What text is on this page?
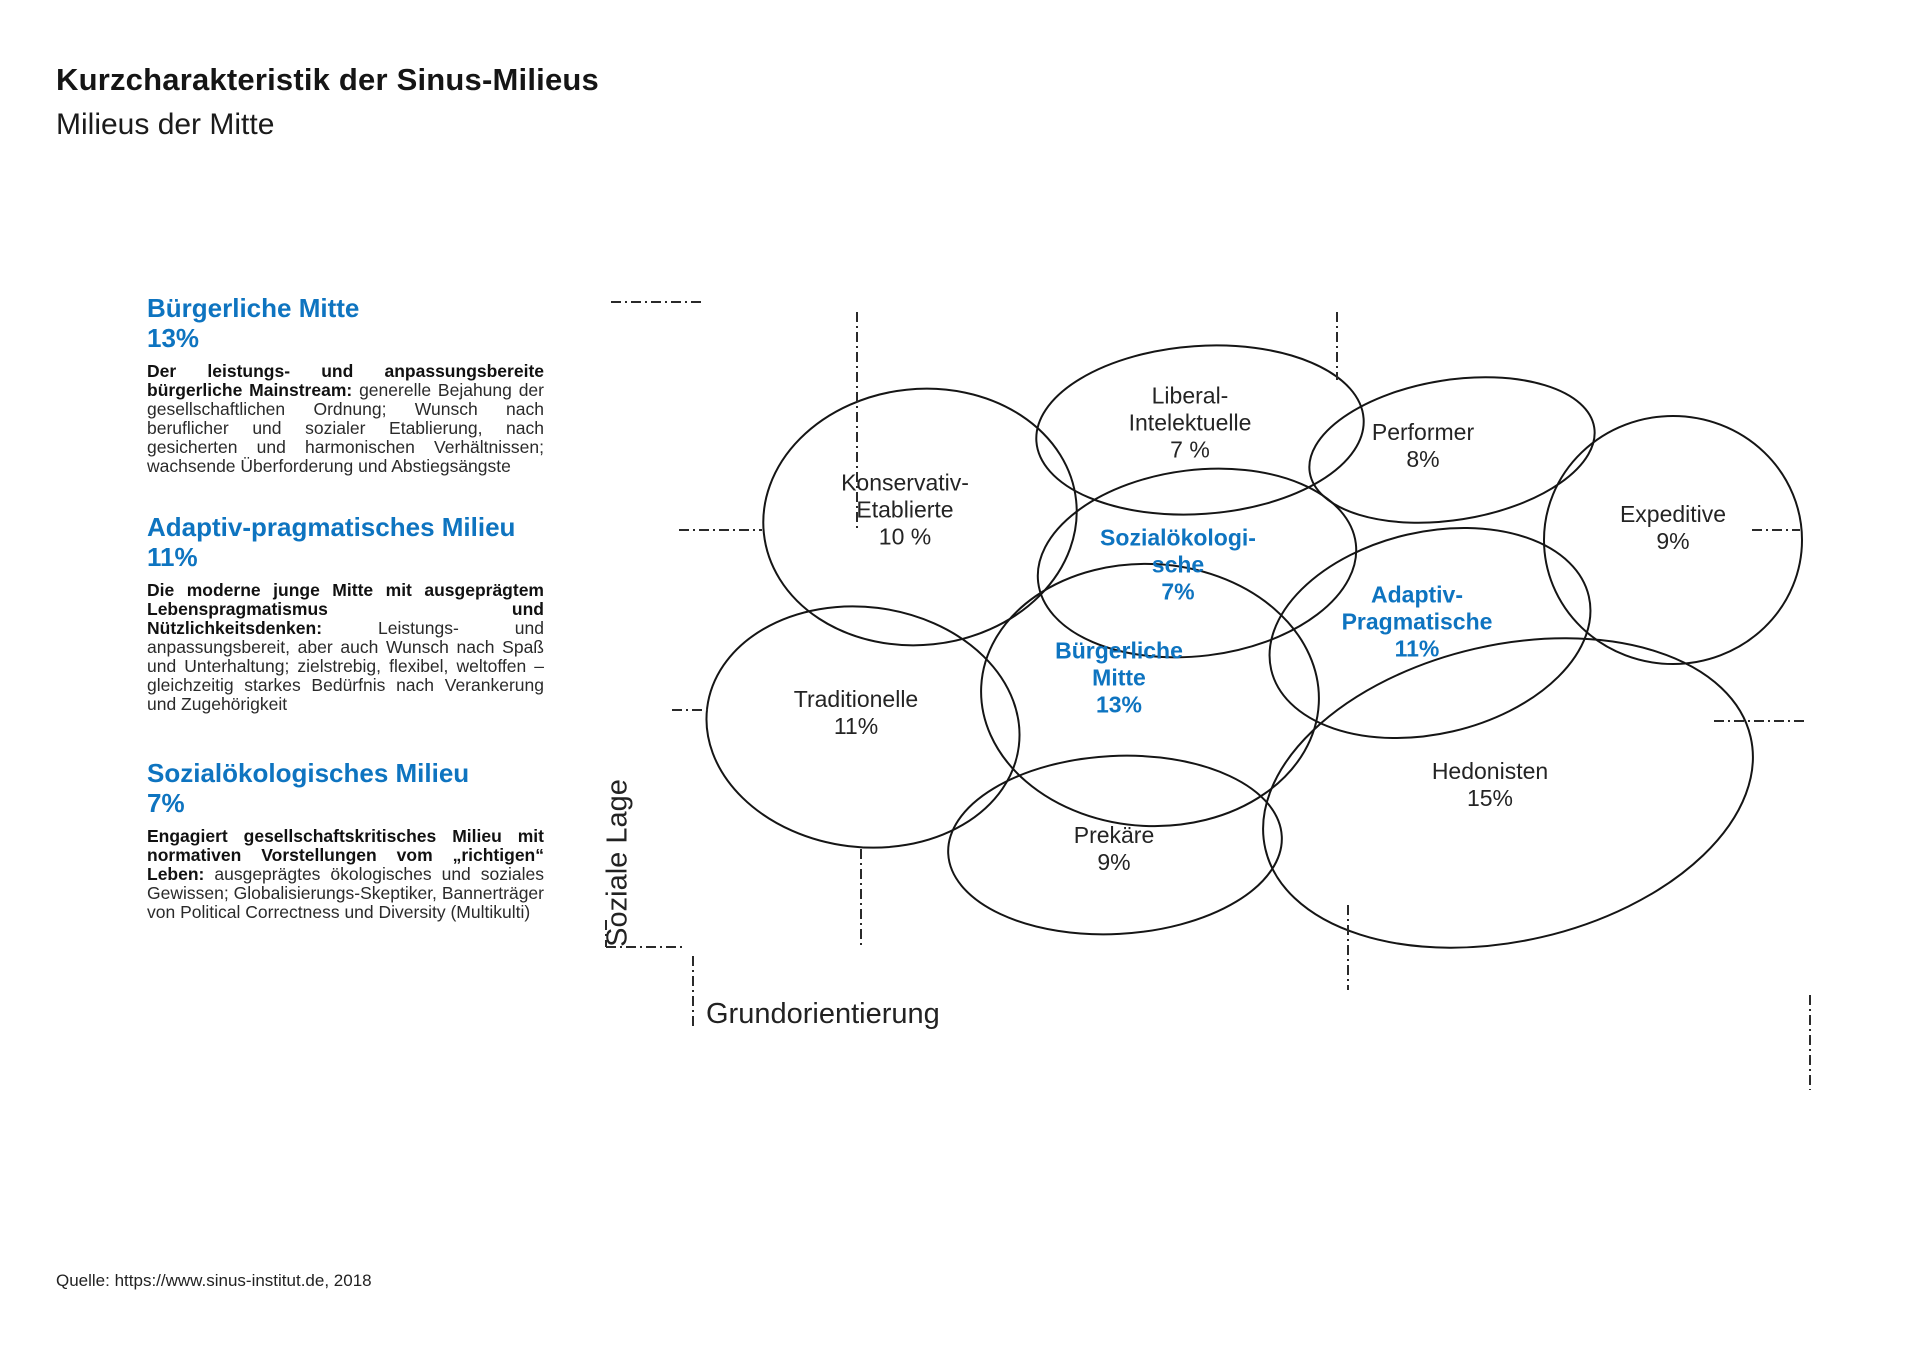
Kurzcharakteristik der Sinus-Milieus
Milieus der Mitte
Bürgerliche Mitte
13%
Der leistungs- und anpassungsbereite bürgerliche Mainstream: generelle Bejahung der gesellschaftlichen Ordnung; Wunsch nach beruflicher und sozialer Etablierung, nach gesicherten und harmonischen Verhältnissen; wachsende Überforderung und Abstiegsängste
Adaptiv-pragmatisches Milieu
11%
Die moderne junge Mitte mit ausgeprägtem Lebenspragmatismus und Nützlichkeitsdenken:	Leistungs- und anpassungsbereit, aber auch Wunsch nach Spaß und Unterhaltung; zielstrebig, flexibel, weltoffen – gleichzeitig starkes Bedürfnis nach Verankerung und Zugehörigkeit
Sozialökologisches Milieu
7%
Engagiert gesellschaftskritisches Milieu mit normativen Vorstellungen vom „richtigen“ Leben: ausgeprägtes ökologisches und soziales Gewissen; Globalisierungs-Skeptiker, Bannerträger von Political Correctness und Diversity (Multikulti)
Konservativ-
Etablierte
10 %
Liberal-
Intelektuelle
7 %
Performer
8%
Expeditive
9%
Sozialökologi-
sche
7%	Adaptiv-
Pragmatische
11%
Bürgerliche
Mitte
13%
Traditionelle
11%
Prekäre
9%
Hedonisten
15%
Soziale Lage
Grundorientierung
Quelle: https://www.sinus-institut.de, 2018
